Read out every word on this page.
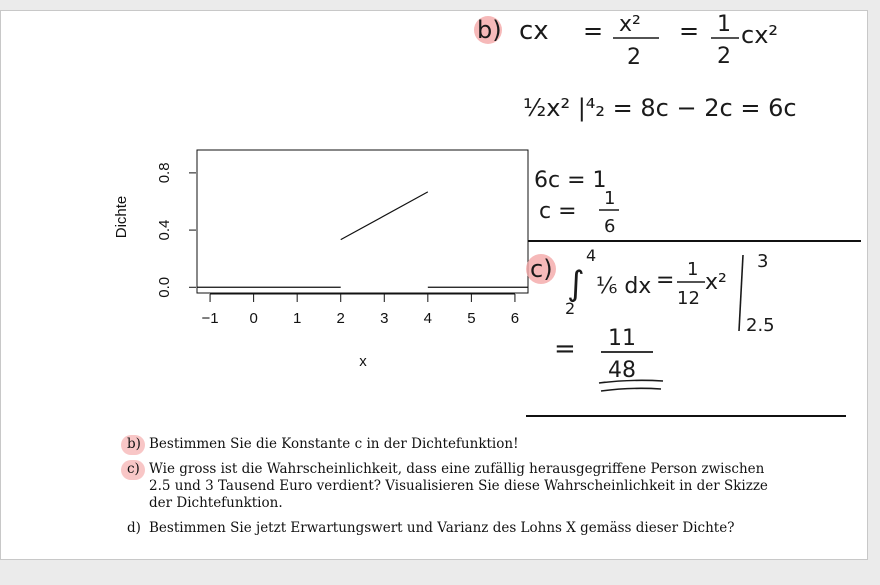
−1 0 1 2 3 4 5 6
0.0
0.4
0.8
x
Dichte
b) cx = x²
2
= 1
2
cx²
½x² |⁴₂ = 8c − 2c = 6c
6c = 1
c =
1
6
c) ∫
4
2
⅙ dx = 1
12
x²
3
2.5
= 11
48
b) Bestimmen Sie die Konstante c in der Dichtefunktion!
c) Wie gross ist die Wahrscheinlichkeit, dass eine zufällig herausgegriffene Person zwischen 2.5 und 3 Tausend Euro verdient? Visualisieren Sie diese Wahrscheinlichkeit in der Skizze der Dichtefunktion.
d) Bestimmen Sie jetzt Erwartungswert und Varianz des Lohns X gemäss dieser Dichte?
